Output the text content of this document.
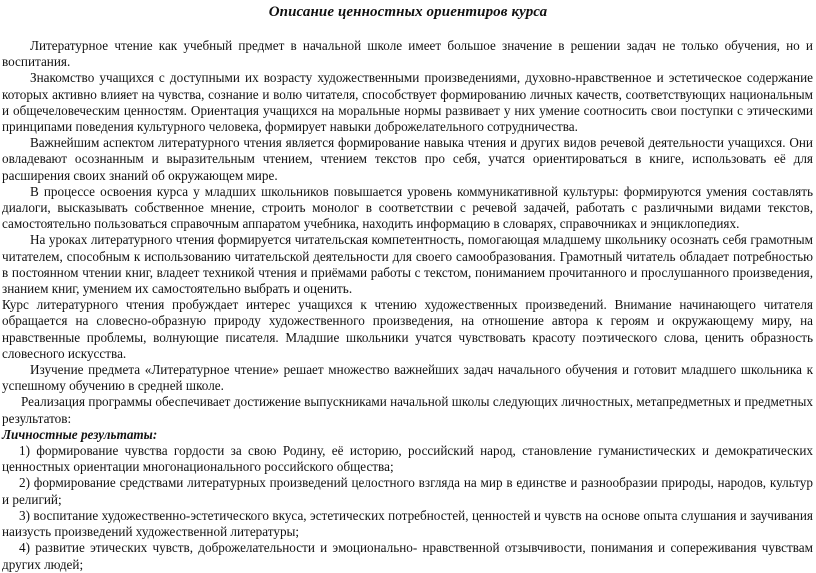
Описание ценностных ориентиров курса

Литературное чтение как учебный предмет в начальной школе имеет большое значение в решении задач не только обучения, но и воспитания.

Знакомство учащихся с доступными их возрасту художественными произведениями, духовно-нравственное и эстетическое содержание которых активно влияет на чувства, сознание и волю читателя, способствует формированию личных качеств, соответствующих национальным и общечеловеческим ценностям. Ориентация учащихся на моральные нормы развивает у них умение соотносить свои поступки с этическими принципами поведения культурного человека, формирует навыки доброжелательного сотрудничества.

Важнейшим аспектом литературного чтения является формирование навыка чтения и других видов речевой деятельности учащихся. Они овладевают осознанным и выразительным чтением, чтением текстов про себя, учатся ориентироваться в книге, использовать её для расширения своих знаний об окружающем мире.

В процессе освоения курса у младших школьников повышается уровень коммуникативной культуры: формируются умения составлять диалоги, высказывать собственное мнение, строить монолог в соответствии с речевой задачей, работать с различными видами текстов, самостоятельно пользоваться справочным аппаратом учебника, находить информацию в словарях, справочниках и энциклопедиях.

На уроках литературного чтения формируется читательская компетентность, помогающая младшему школьнику осознать себя грамотным читателем, способным к использованию читательской деятельности для своего самообразования. Грамотный читатель обладает потребностью в постоянном чтении книг, владеет техникой чтения и приёмами работы с текстом, пониманием прочитанного и прослушанного произведения, знанием книг, умением их самостоятельно выбрать и оценить.

Курс литературного чтения пробуждает интерес учащихся к чтению художественных произведений. Внимание начинающего читателя обращается на словесно-образную природу художественного произведения, на отношение автора к героям и окружающему миру, на нравственные проблемы, волнующие писателя. Младшие школьники учатся чувствовать красоту поэтического слова, ценить образность словесного искусства.

Изучение предмета «Литературное чтение» решает множество важнейших задач начального обучения и готовит младшего школьника к успешному обучению в средней школе.

Реализация программы обеспечивает достижение выпускниками начальной школы следующих личностных, метапредметных и предметных результатов:

Личностные результаты:

1) формирование чувства гордости за свою Родину, её историю, российский народ, становление гуманистических и демократических ценностных ориентации многонационального российского общества;

2) формирование средствами литературных произведений целостного взгляда на мир в единстве и разнообразии природы, народов, культур и религий;

3) воспитание художественно-эстетического вкуса, эстетических потребностей, ценностей и чувств на основе опыта слушания и заучивания наизусть произведений художественной литературы;

4) развитие этических чувств, доброжелательности и эмоционально- нравственной отзывчивости, понимания и сопереживания чувствам других людей;
